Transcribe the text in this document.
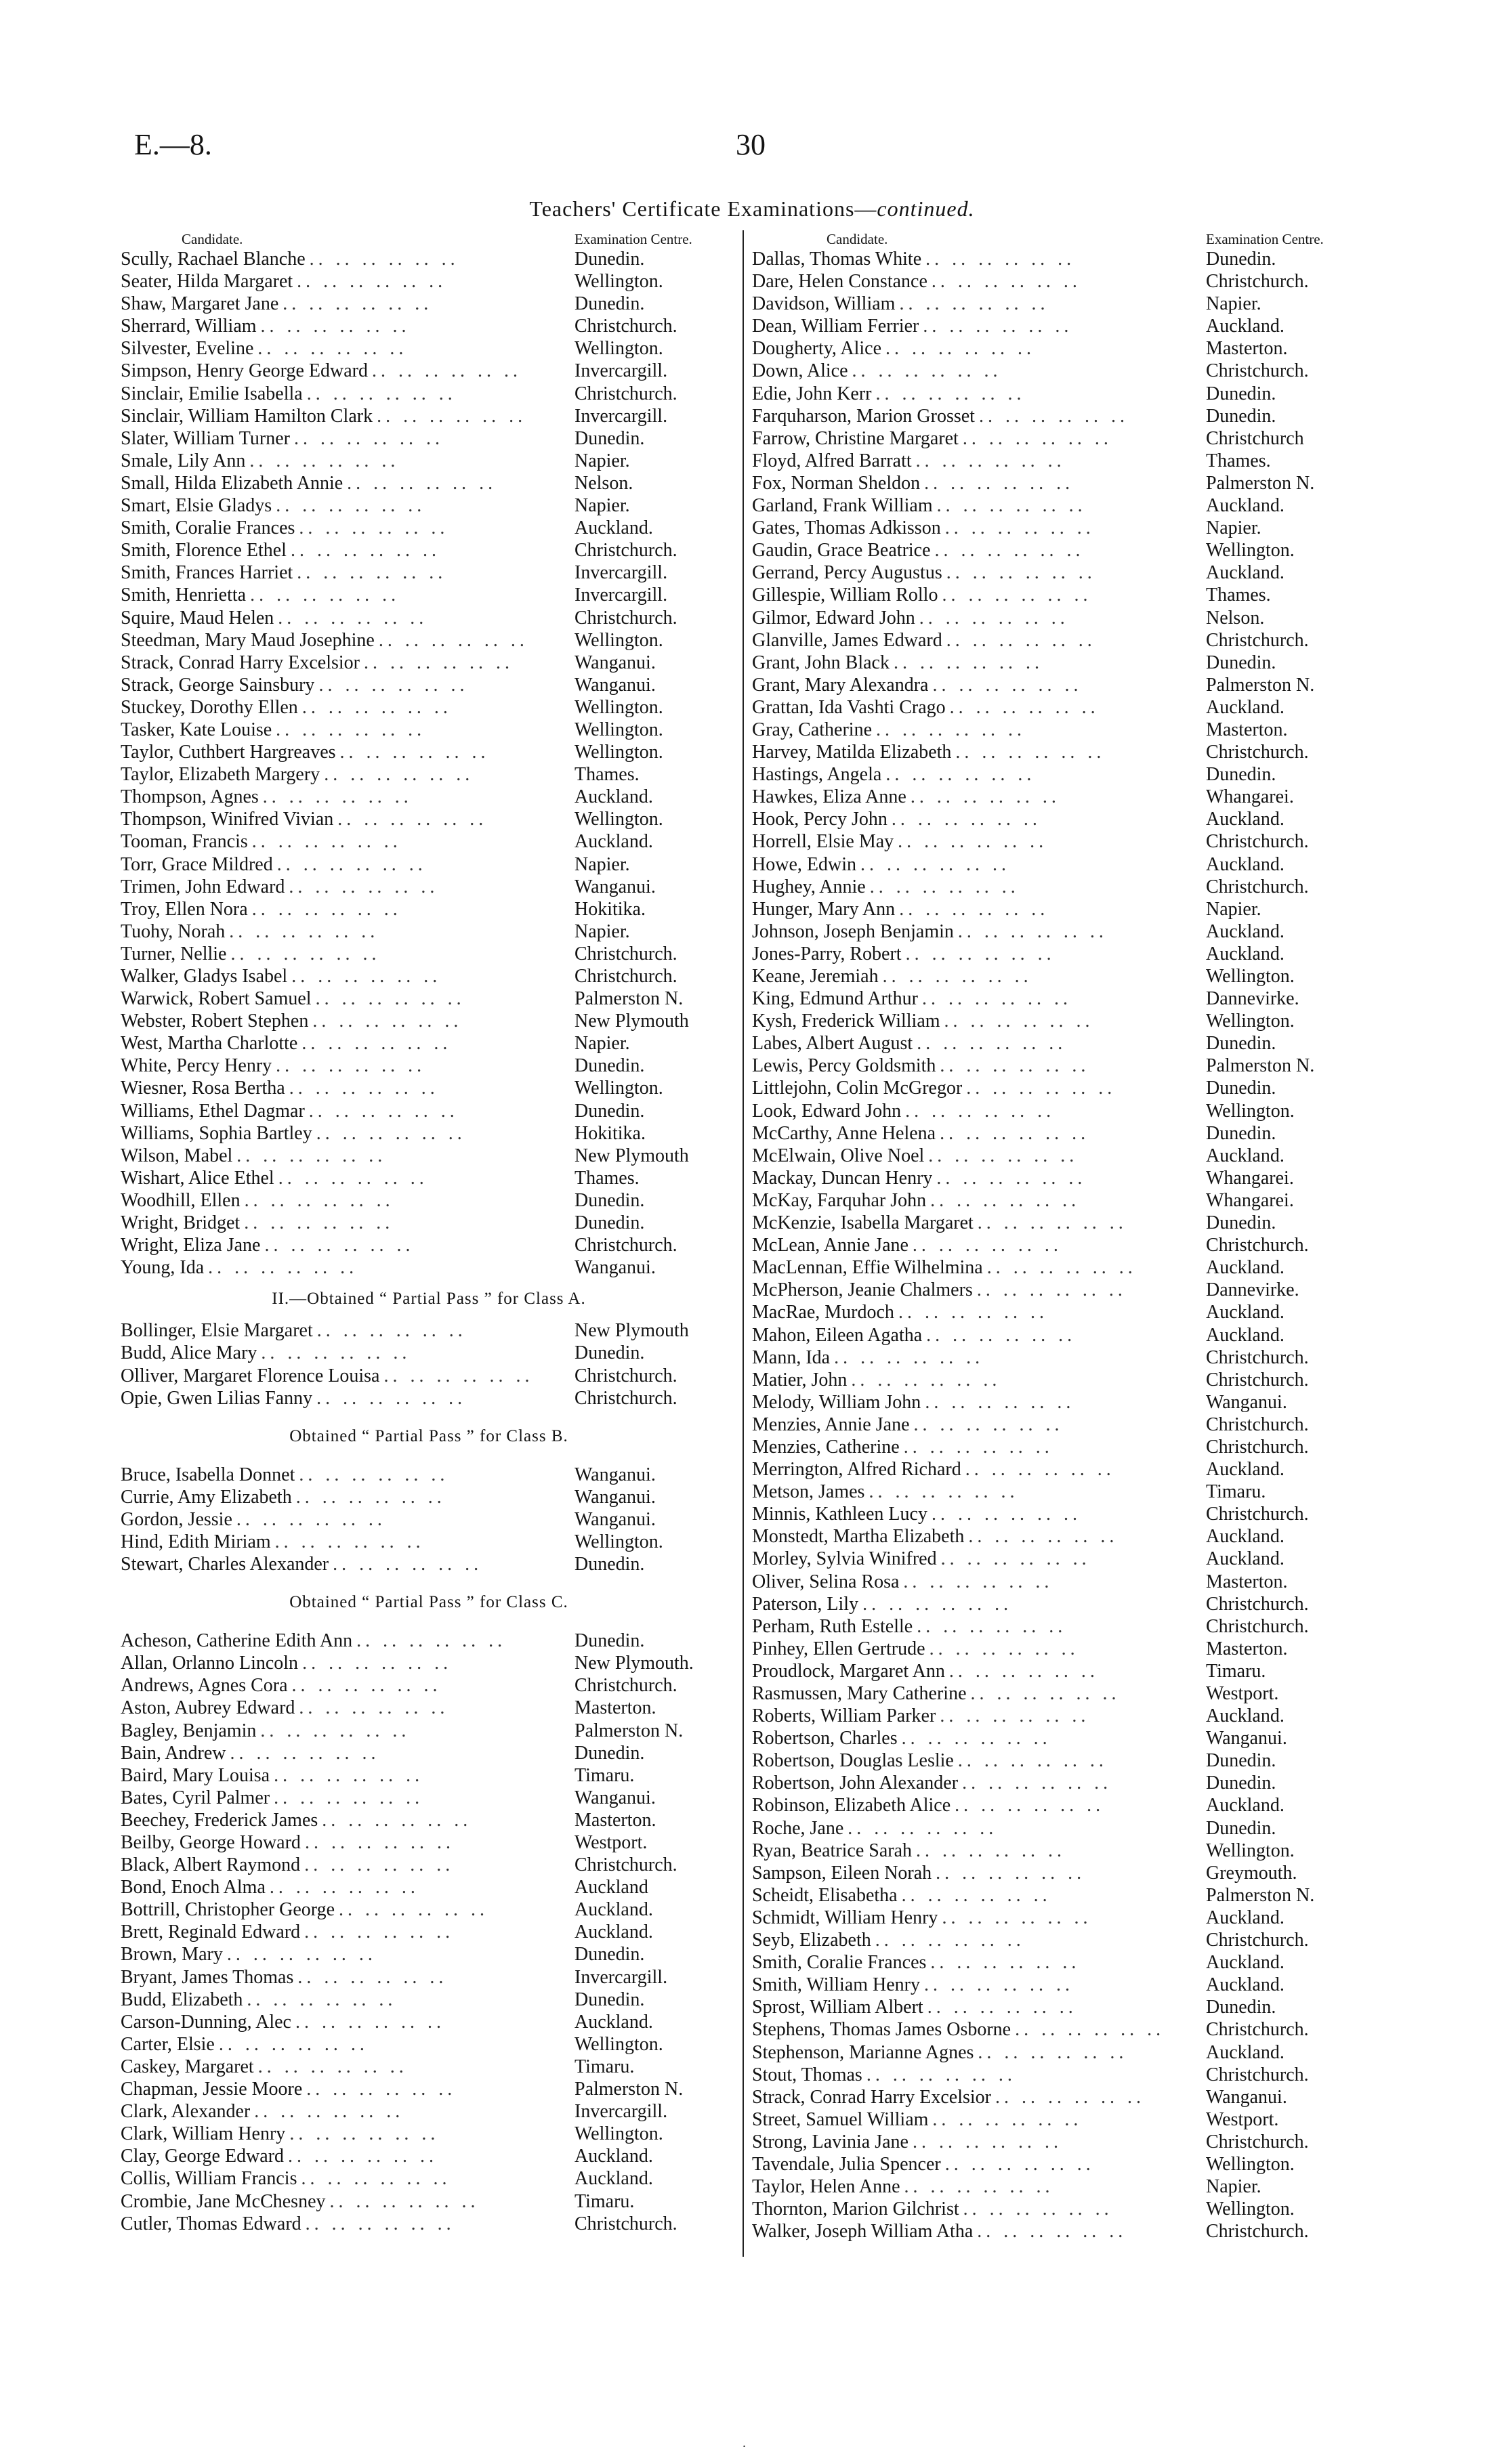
E.—8.	30
Teachers' Certificate Examinations—continued.
Candidate.	Examination Centre.
Scully, Rachael Blanche .. .. .. .. .. ..	Dunedin.
Seater, Hilda Margaret .. .. .. .. .. ..	Wellington.
Shaw, Margaret Jane .. .. .. .. .. ..	Dunedin.
Sherrard, William .. .. .. .. .. ..	Christchurch.
Silvester, Eveline .. .. .. .. .. ..	Wellington.
Simpson, Henry George Edward .. .. .. .. .. ..	Invercargill.
Sinclair, Emilie Isabella .. .. .. .. .. ..	Christchurch.
Sinclair, William Hamilton Clark .. .. .. .. .. ..	Invercargill.
Slater, William Turner .. .. .. .. .. ..	Dunedin.
Smale, Lily Ann .. .. .. .. .. ..	Napier.
Small, Hilda Elizabeth Annie .. .. .. .. .. ..	Nelson.
Smart, Elsie Gladys .. .. .. .. .. ..	Napier.
Smith, Coralie Frances .. .. .. .. .. ..	Auckland.
Smith, Florence Ethel .. .. .. .. .. ..	Christchurch.
Smith, Frances Harriet .. .. .. .. .. ..	Invercargill.
Smith, Henrietta .. .. .. .. .. ..	Invercargill.
Squire, Maud Helen .. .. .. .. .. ..	Christchurch.
Steedman, Mary Maud Josephine .. .. .. .. .. ..	Wellington.
Strack, Conrad Harry Excelsior .. .. .. .. .. ..	Wanganui.
Strack, George Sainsbury .. .. .. .. .. ..	Wanganui.
Stuckey, Dorothy Ellen .. .. .. .. .. ..	Wellington.
Tasker, Kate Louise .. .. .. .. .. ..	Wellington.
Taylor, Cuthbert Hargreaves .. .. .. .. .. ..	Wellington.
Taylor, Elizabeth Margery .. .. .. .. .. ..	Thames.
Thompson, Agnes .. .. .. .. .. ..	Auckland.
Thompson, Winifred Vivian .. .. .. .. .. ..	Wellington.
Tooman, Francis .. .. .. .. .. ..	Auckland.
Torr, Grace Mildred .. .. .. .. .. ..	Napier.
Trimen, John Edward .. .. .. .. .. ..	Wanganui.
Troy, Ellen Nora .. .. .. .. .. ..	Hokitika.
Tuohy, Norah .. .. .. .. .. ..	Napier.
Turner, Nellie .. .. .. .. .. ..	Christchurch.
Walker, Gladys Isabel .. .. .. .. .. ..	Christchurch.
Warwick, Robert Samuel .. .. .. .. .. ..	Palmerston N.
Webster, Robert Stephen .. .. .. .. .. ..	New Plymouth
West, Martha Charlotte .. .. .. .. .. ..	Napier.
White, Percy Henry .. .. .. .. .. ..	Dunedin.
Wiesner, Rosa Bertha .. .. .. .. .. ..	Wellington.
Williams, Ethel Dagmar .. .. .. .. .. ..	Dunedin.
Williams, Sophia Bartley .. .. .. .. .. ..	Hokitika.
Wilson, Mabel .. .. .. .. .. ..	New Plymouth
Wishart, Alice Ethel .. .. .. .. .. ..	Thames.
Woodhill, Ellen .. .. .. .. .. ..	Dunedin.
Wright, Bridget .. .. .. .. .. ..	Dunedin.
Wright, Eliza Jane .. .. .. .. .. ..	Christchurch.
Young, Ida .. .. .. .. .. ..	Wanganui.
II.—Obtained “ Partial Pass ” for Class A.
Bollinger, Elsie Margaret .. .. .. .. .. ..	New Plymouth
Budd, Alice Mary .. .. .. .. .. ..	Dunedin.
Olliver, Margaret Florence Louisa .. .. .. .. .. ..	Christchurch.
Opie, Gwen Lilias Fanny .. .. .. .. .. ..	Christchurch.
Obtained “ Partial Pass ” for Class B.
Bruce, Isabella Donnet .. .. .. .. .. ..	Wanganui.
Currie, Amy Elizabeth .. .. .. .. .. ..	Wanganui.
Gordon, Jessie .. .. .. .. .. ..	Wanganui.
Hind, Edith Miriam .. .. .. .. .. ..	Wellington.
Stewart, Charles Alexander .. .. .. .. .. ..	Dunedin.
Obtained “ Partial Pass ” for Class C.
Acheson, Catherine Edith Ann .. .. .. .. .. ..	Dunedin.
Allan, Orlanno Lincoln .. .. .. .. .. ..	New Plymouth.
Andrews, Agnes Cora .. .. .. .. .. ..	Christchurch.
Aston, Aubrey Edward .. .. .. .. .. ..	Masterton.
Bagley, Benjamin .. .. .. .. .. ..	Palmerston N.
Bain, Andrew .. .. .. .. .. ..	Dunedin.
Baird, Mary Louisa .. .. .. .. .. ..	Timaru.
Bates, Cyril Palmer .. .. .. .. .. ..	Wanganui.
Beechey, Frederick James .. .. .. .. .. ..	Masterton.
Beilby, George Howard .. .. .. .. .. ..	Westport.
Black, Albert Raymond .. .. .. .. .. ..	Christchurch.
Bond, Enoch Alma .. .. .. .. .. ..	Auckland
Bottrill, Christopher George .. .. .. .. .. ..	Auckland.
Brett, Reginald Edward .. .. .. .. .. ..	Auckland.
Brown, Mary .. .. .. .. .. ..	Dunedin.
Bryant, James Thomas .. .. .. .. .. ..	Invercargill.
Budd, Elizabeth .. .. .. .. .. ..	Dunedin.
Carson-Dunning, Alec .. .. .. .. .. ..	Auckland.
Carter, Elsie .. .. .. .. .. ..	Wellington.
Caskey, Margaret .. .. .. .. .. ..	Timaru.
Chapman, Jessie Moore .. .. .. .. .. ..	Palmerston N.
Clark, Alexander .. .. .. .. .. ..	Invercargill.
Clark, William Henry .. .. .. .. .. ..	Wellington.
Clay, George Edward .. .. .. .. .. ..	Auckland.
Collis, William Francis .. .. .. .. .. ..	Auckland.
Crombie, Jane McChesney .. .. .. .. .. ..	Timaru.
Cutler, Thomas Edward .. .. .. .. .. ..	Christchurch.
Candidate.	Examination Centre.
Dallas, Thomas White .. .. .. .. .. ..	Dunedin.
Dare, Helen Constance .. .. .. .. .. ..	Christchurch.
Davidson, William .. .. .. .. .. ..	Napier.
Dean, William Ferrier .. .. .. .. .. ..	Auckland.
Dougherty, Alice .. .. .. .. .. ..	Masterton.
Down, Alice .. .. .. .. .. ..	Christchurch.
Edie, John Kerr .. .. .. .. .. ..	Dunedin.
Farquharson, Marion Grosset .. .. .. .. .. ..	Dunedin.
Farrow, Christine Margaret .. .. .. .. .. ..	Christchurch
Floyd, Alfred Barratt .. .. .. .. .. ..	Thames.
Fox, Norman Sheldon .. .. .. .. .. ..	Palmerston N.
Garland, Frank William .. .. .. .. .. ..	Auckland.
Gates, Thomas Adkisson .. .. .. .. .. ..	Napier.
Gaudin, Grace Beatrice .. .. .. .. .. ..	Wellington.
Gerrand, Percy Augustus .. .. .. .. .. ..	Auckland.
Gillespie, William Rollo .. .. .. .. .. ..	Thames.
Gilmor, Edward John .. .. .. .. .. ..	Nelson.
Glanville, James Edward .. .. .. .. .. ..	Christchurch.
Grant, John Black .. .. .. .. .. ..	Dunedin.
Grant, Mary Alexandra .. .. .. .. .. ..	Palmerston N.
Grattan, Ida Vashti Crago .. .. .. .. .. ..	Auckland.
Gray, Catherine .. .. .. .. .. ..	Masterton.
Harvey, Matilda Elizabeth .. .. .. .. .. ..	Christchurch.
Hastings, Angela .. .. .. .. .. ..	Dunedin.
Hawkes, Eliza Anne .. .. .. .. .. ..	Whangarei.
Hook, Percy John .. .. .. .. .. ..	Auckland.
Horrell, Elsie May .. .. .. .. .. ..	Christchurch.
Howe, Edwin .. .. .. .. .. ..	Auckland.
Hughey, Annie .. .. .. .. .. ..	Christchurch.
Hunger, Mary Ann .. .. .. .. .. ..	Napier.
Johnson, Joseph Benjamin .. .. .. .. .. ..	Auckland.
Jones-Parry, Robert .. .. .. .. .. ..	Auckland.
Keane, Jeremiah .. .. .. .. .. ..	Wellington.
King, Edmund Arthur .. .. .. .. .. ..	Dannevirke.
Kysh, Frederick William .. .. .. .. .. ..	Wellington.
Labes, Albert August .. .. .. .. .. ..	Dunedin.
Lewis, Percy Goldsmith .. .. .. .. .. ..	Palmerston N.
Littlejohn, Colin McGregor .. .. .. .. .. ..	Dunedin.
Look, Edward John .. .. .. .. .. ..	Wellington.
McCarthy, Anne Helena .. .. .. .. .. ..	Dunedin.
McElwain, Olive Noel .. .. .. .. .. ..	Auckland.
Mackay, Duncan Henry .. .. .. .. .. ..	Whangarei.
McKay, Farquhar John .. .. .. .. .. ..	Whangarei.
McKenzie, Isabella Margaret .. .. .. .. .. ..	Dunedin.
McLean, Annie Jane .. .. .. .. .. ..	Christchurch.
MacLennan, Effie Wilhelmina .. .. .. .. .. ..	Auckland.
McPherson, Jeanie Chalmers .. .. .. .. .. ..	Dannevirke.
MacRae, Murdoch .. .. .. .. .. ..	Auckland.
Mahon, Eileen Agatha .. .. .. .. .. ..	Auckland.
Mann, Ida .. .. .. .. .. ..	Christchurch.
Matier, John .. .. .. .. .. ..	Christchurch.
Melody, William John .. .. .. .. .. ..	Wanganui.
Menzies, Annie Jane .. .. .. .. .. ..	Christchurch.
Menzies, Catherine .. .. .. .. .. ..	Christchurch.
Merrington, Alfred Richard .. .. .. .. .. ..	Auckland.
Metson, James .. .. .. .. .. ..	Timaru.
Minnis, Kathleen Lucy .. .. .. .. .. ..	Christchurch.
Monstedt, Martha Elizabeth .. .. .. .. .. ..	Auckland.
Morley, Sylvia Winifred .. .. .. .. .. ..	Auckland.
Oliver, Selina Rosa .. .. .. .. .. ..	Masterton.
Paterson, Lily .. .. .. .. .. ..	Christchurch.
Perham, Ruth Estelle .. .. .. .. .. ..	Christchurch.
Pinhey, Ellen Gertrude .. .. .. .. .. ..	Masterton.
Proudlock, Margaret Ann .. .. .. .. .. ..	Timaru.
Rasmussen, Mary Catherine .. .. .. .. .. ..	Westport.
Roberts, William Parker .. .. .. .. .. ..	Auckland.
Robertson, Charles .. .. .. .. .. ..	Wanganui.
Robertson, Douglas Leslie .. .. .. .. .. ..	Dunedin.
Robertson, John Alexander .. .. .. .. .. ..	Dunedin.
Robinson, Elizabeth Alice .. .. .. .. .. ..	Auckland.
Roche, Jane .. .. .. .. .. ..	Dunedin.
Ryan, Beatrice Sarah .. .. .. .. .. ..	Wellington.
Sampson, Eileen Norah .. .. .. .. .. ..	Greymouth.
Scheidt, Elisabetha .. .. .. .. .. ..	Palmerston N.
Schmidt, William Henry .. .. .. .. .. ..	Auckland.
Seyb, Elizabeth .. .. .. .. .. ..	Christchurch.
Smith, Coralie Frances .. .. .. .. .. ..	Auckland.
Smith, William Henry .. .. .. .. .. ..	Auckland.
Sprost, William Albert .. .. .. .. .. ..	Dunedin.
Stephens, Thomas James Osborne .. .. .. .. .. ..	Christchurch.
Stephenson, Marianne Agnes .. .. .. .. .. ..	Auckland.
Stout, Thomas .. .. .. .. .. ..	Christchurch.
Strack, Conrad Harry Excelsior .. .. .. .. .. ..	Wanganui.
Street, Samuel William .. .. .. .. .. ..	Westport.
Strong, Lavinia Jane .. .. .. .. .. ..	Christchurch.
Tavendale, Julia Spencer .. .. .. .. .. ..	Wellington.
Taylor, Helen Anne .. .. .. .. .. ..	Napier.
Thornton, Marion Gilchrist .. .. .. .. .. ..	Wellington.
Walker, Joseph William Atha .. .. .. .. .. ..	Christchurch.
.
